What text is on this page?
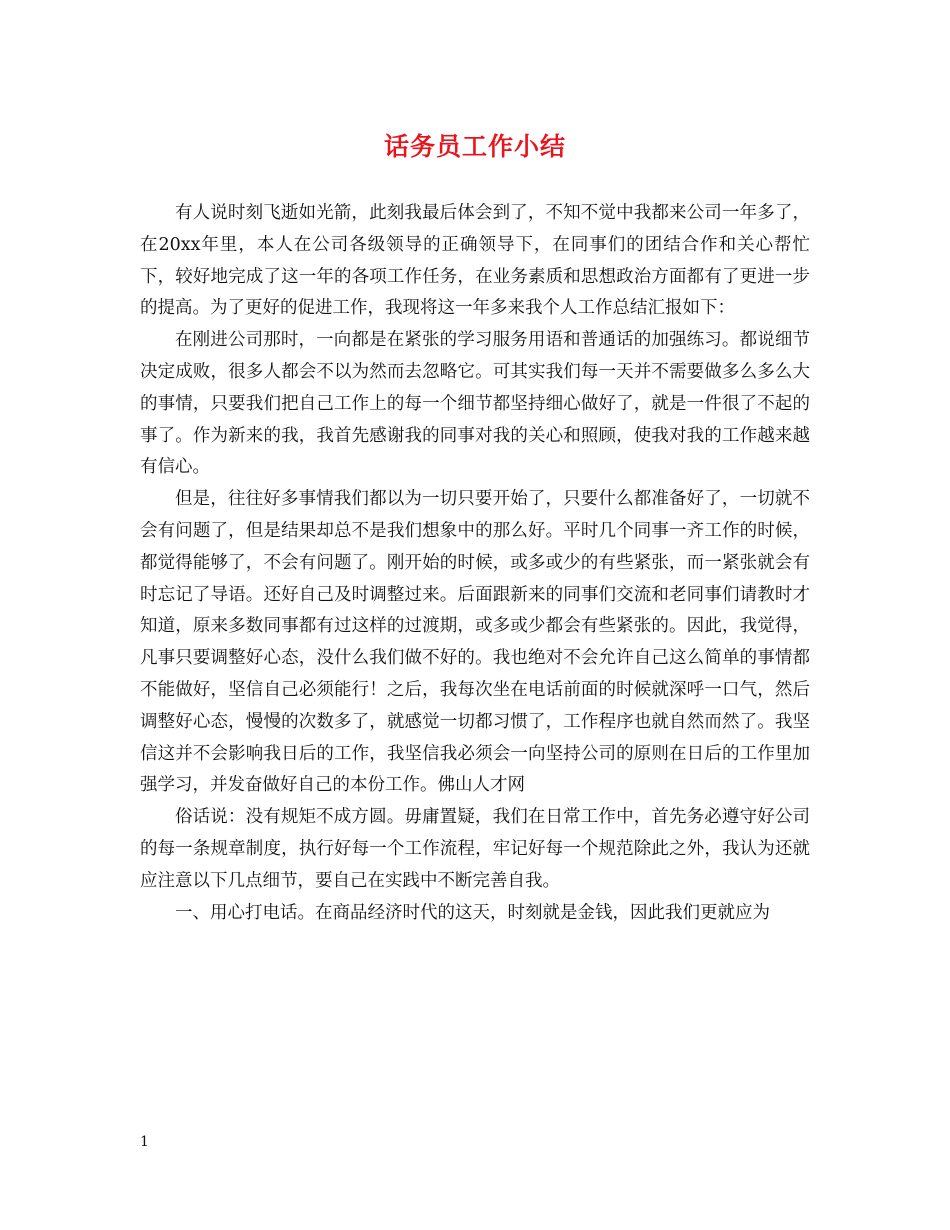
话务员工作小结

有人说时刻飞逝如光箭，此刻我最后体会到了，不知不觉中我都来公司一年多了，在20xx年里，本人在公司各级领导的正确领导下，在同事们的团结合作和关心帮忙下，较好地完成了这一年的各项工作任务，在业务素质和思想政治方面都有了更进一步的提高。为了更好的促进工作，我现将这一年多来我个人工作总结汇报如下：

在刚进公司那时，一向都是在紧张的学习服务用语和普通话的加强练习。都说细节决定成败，很多人都会不以为然而去忽略它。可其实我们每一天并不需要做多么多么大的事情，只要我们把自己工作上的每一个细节都坚持细心做好了，就是一件很了不起的事了。作为新来的我，我首先感谢我的同事对我的关心和照顾，使我对我的工作越来越有信心。

但是，往往好多事情我们都以为一切只要开始了，只要什么都准备好了，一切就不会有问题了，但是结果却总不是我们想象中的那么好。平时几个同事一齐工作的时候，都觉得能够了，不会有问题了。刚开始的时候，或多或少的有些紧张，而一紧张就会有时忘记了导语。还好自己及时调整过来。后面跟新来的同事们交流和老同事们请教时才知道，原来多数同事都有过这样的过渡期，或多或少都会有些紧张的。因此，我觉得，凡事只要调整好心态，没什么我们做不好的。我也绝对不会允许自己这么简单的事情都不能做好，坚信自己必须能行！之后，我每次坐在电话前面的时候就深呼一口气，然后调整好心态，慢慢的次数多了，就感觉一切都习惯了，工作程序也就自然而然了。我坚信这并不会影响我日后的工作，我坚信我必须会一向坚持公司的原则在日后的工作里加强学习，并发奋做好自己的本份工作。佛山人才网

俗话说：没有规矩不成方圆。毋庸置疑，我们在日常工作中，首先务必遵守好公司的每一条规章制度，执行好每一个工作流程，牢记好每一个规范除此之外，我认为还就应注意以下几点细节，要自己在实践中不断完善自我。

一、用心打电话。在商品经济时代的这天，时刻就是金钱，因此我们更就应为

1
